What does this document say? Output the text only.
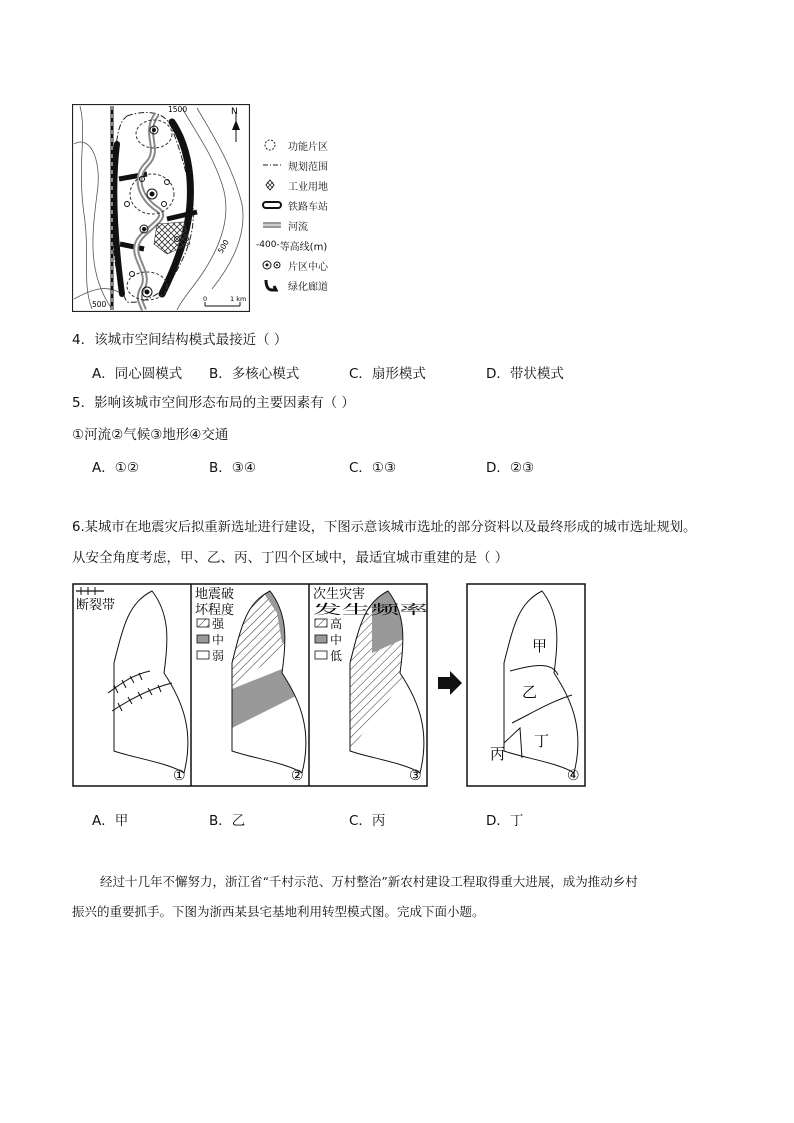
N
1500
500
500
0	1 km
功能片区
规划范围
工业用地
铁路车站
河流
-400- 等高线(m)
片区中心
绿化廊道
4．该城市空间结构模式最接近（ ）
A．同心圆模式 B．多核心模式	C．扇形模式	D．带状模式
5．影响该城市空间形态布局的主要因素有（ ）
①河流②气候③地形④交通
A．①②	B．③④	C．①③	D．②③
6.某城市在地震灾后拟重新选址进行建设，下图示意该城市选址的部分资料以及最终形成的城市选址规划。
从安全角度考虑，甲、乙、丙、丁四个区域中，最适宜城市重建的是（ ）
断裂带
①
地震破
坏程度
强
中
弱
②
次生灾害
发生频率
高
中
低
③
甲
乙
丙
丁
④
A．甲	B．乙	C．丙	D．丁
经过十几年不懈努力，浙江省“千村示范、万村整治”新农村建设工程取得重大进展，成为推动乡村
振兴的重要抓手。下图为浙西某县宅基地利用转型模式图。完成下面小题。
